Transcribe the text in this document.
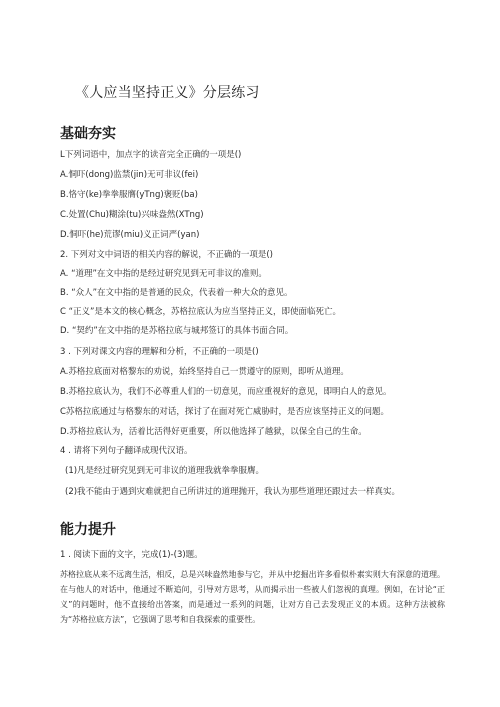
《人应当坚持正义》分层练习
基础夯实
L下列词语中，加点字的读音完全正确的一项是()
A.恫吓(dong)监禁(jin)无可非议(fei)
B.恪守(ke)拳拳服膺(yTng)褒贬(ba)
C.处置(Chu)糊涂(tu)兴味盎然(XTng)
D.恫吓(he)荒谬(miu)义正词严(yan)
2. 下列对文中词语的相关内容的解说，不正确的一项是()
A. “道理”在文中指的是经过研究见到无可非议的准则。
B. “众人”在文中指的是普通的民众，代表着一种大众的意见。
C “正义”是本文的核心概念，苏格拉底认为应当坚持正义，即使面临死亡。
D. “契约”在文中指的是苏格拉底与城邦签订的具体书面合同。
3 . 下列对课文内容的理解和分析，不正确的一项是()
A.苏格拉底面对格黎东的劝说，始终坚持自己一贯遵守的原则，即听从道理。
B.苏格拉底认为，我们不必尊重人们的一切意见，而应重视好的意见，即明白人的意见。
C苏格拉底通过与格黎东的对话，探讨了在面对死亡威胁时，是否应该坚持正义的问题。
D.苏格拉底认为，活着比活得好更重要，所以他选择了越狱，以保全自己的生命。
4 . 请将下列句子翻译成现代汉语。
(1)凡是经过研究见到无可非议的道理我就拳拳服膺。
(2)我不能由于遇到灾难就把自己所讲过的道理抛开，我认为那些道理还跟过去一样真实。
能力提升
1 . 阅读下面的文字，完成(1)-(3)题。
苏格拉底从来不远离生活，相反，总是兴味盎然地参与它，并从中挖掘出许多看似朴素实则大有深意的道理。在与他人的对话中，他通过不断追问，引导对方思考，从而揭示出一些被人们忽视的真理。例如，在讨论“正义”的问题时，他不直接给出答案，而是通过一系列的问题，让对方自己去发现正义的本质。这种方法被称为“苏格拉底方法”，它强调了思考和自我探索的重要性。
